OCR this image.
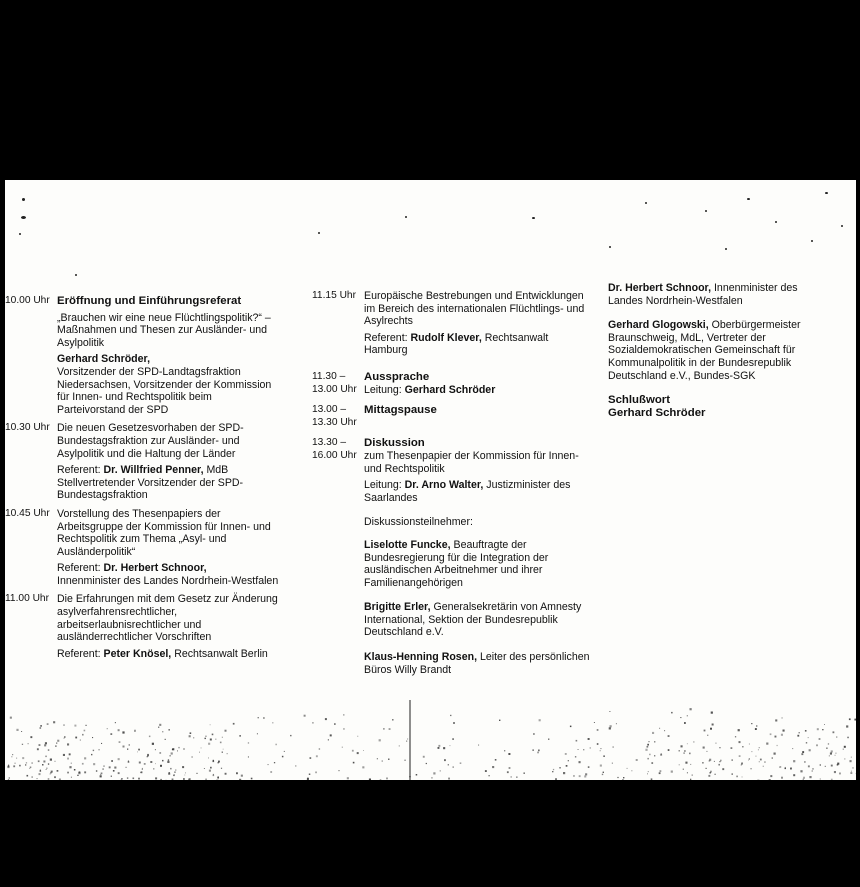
10.00 Uhr Eröffnung und Einführungsreferat
„Brauchen wir eine neue Flüchtlingspolitik?“ – Maßnahmen und Thesen zur Ausländer- und Asylpolitik
Gerhard Schröder,
Vorsitzender der SPD-Landtagsfraktion Niedersachsen, Vorsitzender der Kommission für Innen- und Rechtspolitik beim Parteivorstand der SPD
10.30 Uhr Die neuen Gesetzesvorhaben der SPD-Bundestagsfraktion zur Ausländer- und Asylpolitik und die Haltung der Länder
Referent: Dr. Willfried Penner, MdB
Stellvertretender Vorsitzender der SPD-Bundestagsfraktion
10.45 Uhr Vorstellung des Thesenpapiers der Arbeitsgruppe der Kommission für Innen- und Rechtspolitik zum Thema „Asyl- und Ausländerpolitik“
Referent: Dr. Herbert Schnoor,
Innenminister des Landes Nordrhein-Westfalen
11.00 Uhr Die Erfahrungen mit dem Gesetz zur Änderung asylverfahrensrechtlicher, arbeitserlaubnisrechtlicher und ausländerrechtlicher Vorschriften
Referent: Peter Knösel, Rechtsanwalt Berlin
11.15 Uhr Europäische Bestrebungen und Entwicklungen im Bereich des internationalen Flüchtlings- und Asylrechts
Referent: Rudolf Klever, Rechtsanwalt Hamburg
11.30 –
13.00 Uhr
Aussprache
Leitung: Gerhard Schröder
13.00 –
13.30 Uhr
Mittagspause
13.30 –
16.00 Uhr
Diskussion
zum Thesenpapier der Kommission für Innen- und Rechtspolitik
Leitung: Dr. Arno Walter, Justizminister des Saarlandes
Diskussionsteilnehmer:
Liselotte Funcke, Beauftragte der Bundesregierung für die Integration der ausländischen Arbeitnehmer und ihrer Familienangehörigen
Brigitte Erler, Generalsekretärin von Amnesty International, Sektion der Bundesrepublik Deutschland e.V.
Klaus-Henning Rosen, Leiter des persönlichen Büros Willy Brandt
Dr. Herbert Schnoor, Innenminister des Landes Nordrhein-Westfalen
Gerhard Glogowski, Oberbürgermeister Braunschweig, MdL, Vertreter der Sozialdemokratischen Gemeinschaft für Kommunalpolitik in der Bundesrepublik Deutschland e.V., Bundes-SGK
Schlußwort
Gerhard Schröder
